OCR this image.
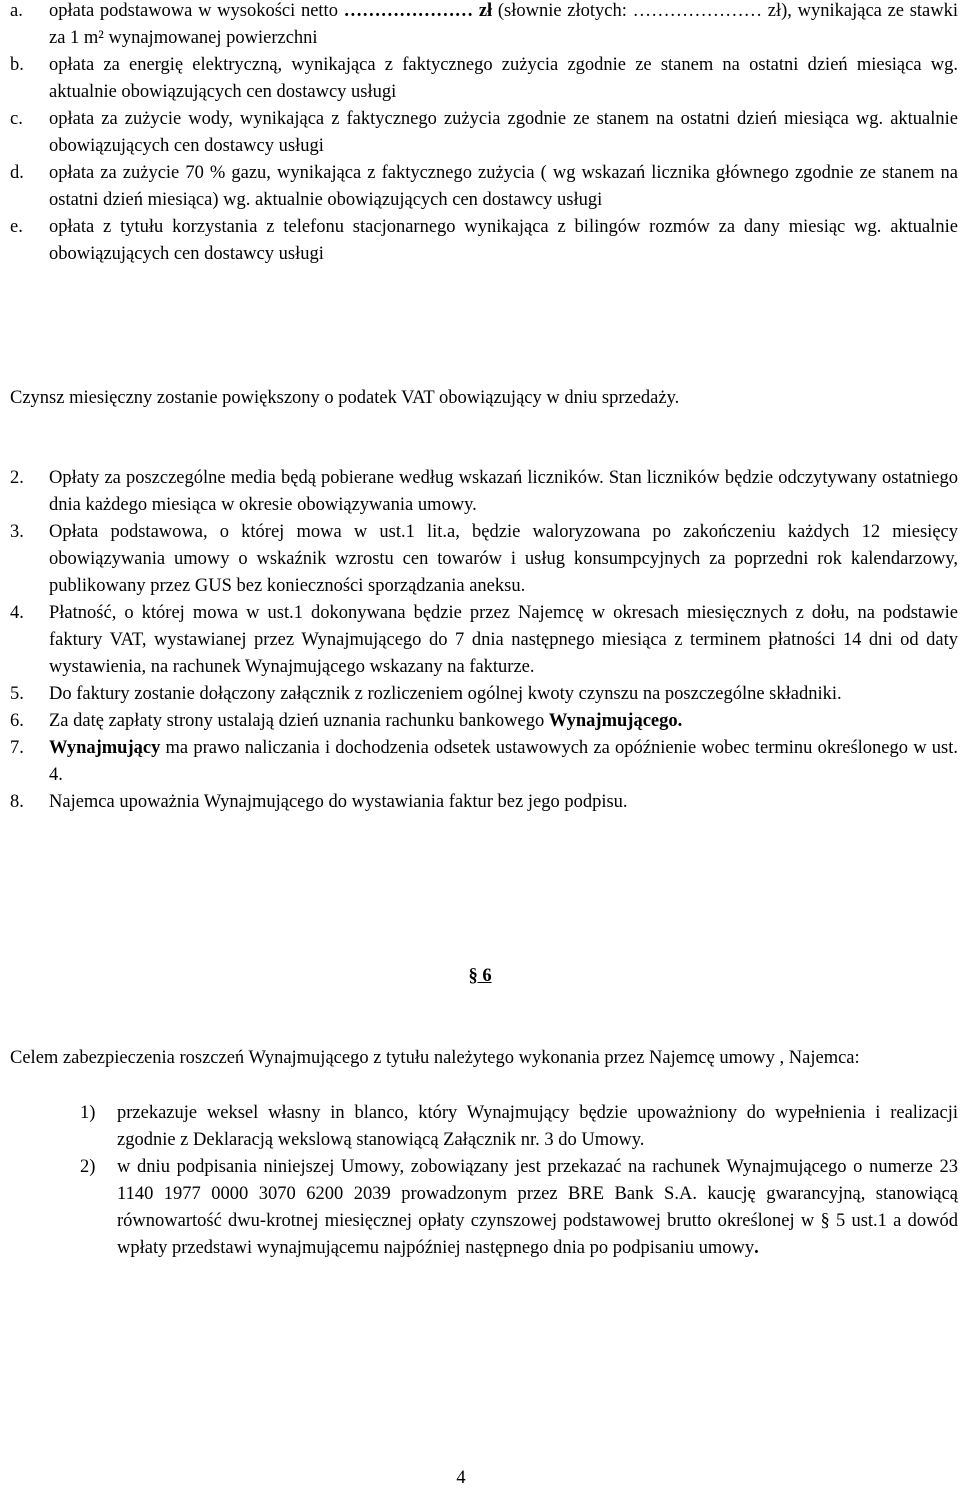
a. opłata podstawowa w wysokości netto ………………… zł (słownie złotych: ………………… zł), wynikająca ze stawki za 1 m² wynajmowanej powierzchni
b. opłata za energię elektryczną, wynikająca z faktycznego zużycia zgodnie ze stanem na ostatni dzień miesiąca wg. aktualnie obowiązujących cen dostawcy usługi
c. opłata za zużycie wody, wynikająca z faktycznego zużycia zgodnie ze stanem na ostatni dzień miesiąca wg. aktualnie obowiązujących cen dostawcy usługi
d. opłata za zużycie 70 % gazu, wynikająca z faktycznego zużycia ( wg wskazań licznika głównego zgodnie ze stanem na ostatni dzień miesiąca) wg. aktualnie obowiązujących cen dostawcy usługi
e. opłata z tytułu korzystania z telefonu stacjonarnego wynikająca z bilingów rozmów za dany miesiąc wg. aktualnie obowiązujących cen dostawcy usługi
Czynsz miesięczny zostanie powiększony o podatek VAT obowiązujący w dniu sprzedaży.
2. Opłaty za poszczególne media będą pobierane według wskazań liczników. Stan liczników będzie odczytywany ostatniego dnia każdego miesiąca w okresie obowiązywania umowy.
3. Opłata podstawowa, o której mowa w ust.1 lit.a, będzie waloryzowana po zakończeniu każdych 12 miesięcy obowiązywania umowy o wskaźnik wzrostu cen towarów i usług konsumpcyjnych za poprzedni rok kalendarzowy, publikowany przez GUS bez konieczności sporządzania aneksu.
4. Płatność, o której mowa w ust.1 dokonywana będzie przez Najemcę w okresach miesięcznych z dołu, na podstawie faktury VAT, wystawianej przez Wynajmującego do 7 dnia następnego miesiąca z terminem płatności 14 dni od daty wystawienia, na rachunek Wynajmującego wskazany na fakturze.
5. Do faktury zostanie dołączony załącznik z rozliczeniem ogólnej kwoty czynszu na poszczególne składniki.
6. Za datę zapłaty strony ustalają dzień uznania rachunku bankowego Wynajmującego.
7. Wynajmujący ma prawo naliczania i dochodzenia odsetek ustawowych za opóźnienie wobec terminu określonego w ust. 4.
8. Najemca upoważnia Wynajmującego do wystawiania faktur bez jego podpisu.
§ 6
Celem zabezpieczenia roszczeń Wynajmującego z tytułu należytego wykonania przez Najemcę umowy , Najemca:
1) przekazuje weksel własny in blanco, który Wynajmujący będzie upoważniony do wypełnienia i realizacji zgodnie z Deklaracją wekslową stanowiącą Załącznik nr. 3 do Umowy.
2) w dniu podpisania niniejszej Umowy, zobowiązany jest przekazać na rachunek Wynajmującego o numerze 23 1140 1977 0000 3070 6200 2039 prowadzonym przez BRE Bank S.A. kaucję gwarancyjną, stanowiącą równowartość dwu-krotnej miesięcznej opłaty czynszowej podstawowej brutto określonej w § 5 ust.1 a dowód wpłaty przedstawi wynajmującemu najpóźniej następnego dnia po podpisaniu umowy.
4
